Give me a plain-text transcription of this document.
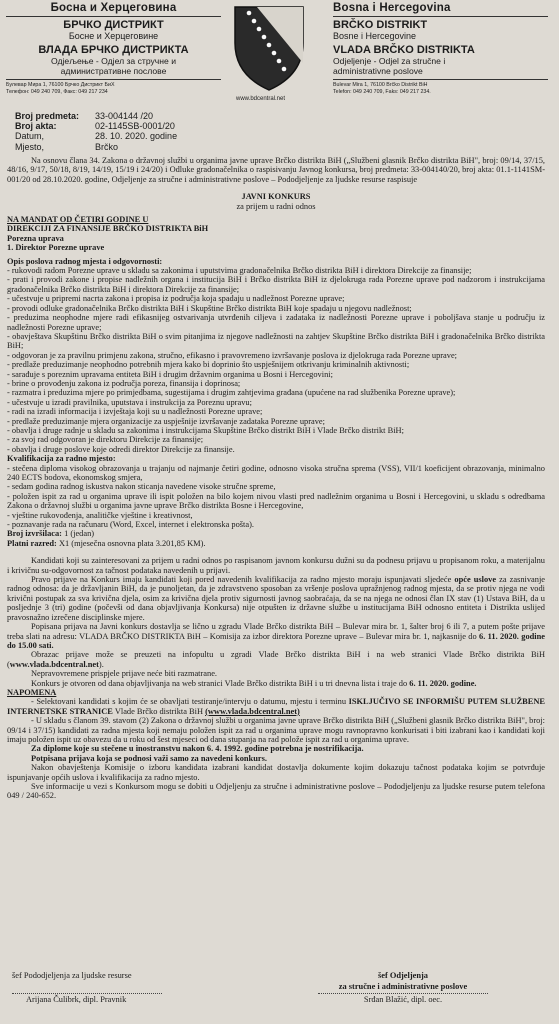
Босна и Херцеговина
БРЧКО ДИСТРИКТ
Босне и Херцеговине
ВЛАДА БРЧКО ДИСТРИКТА
Одјељење - Одјел за стручне и
административне послове
Булевар Мира 1, 76100 Брчко Дистрикт БиХ
Телефон: 049 240 709, Факс: 049 217 234
www.bdcentral.net
Bosna i Hercegovina
BRČKO DISTRIKT
Bosne i Hercegovine
VLADA BRČKO DISTRIKTA
Odjeljenje - Odjel za stručne i
administrativne poslove
Bulevar Mira 1, 76100 Brčko Distrikt BiH
Telefon: 049 240 709, Faks: 049 217 234.
Broj predmeta:	33-004144 /20
Broj akta:	02-1145SB-0001/20
Datum,	28. 10. 2020. godine
Mjesto,	Brčko

Na osnovu člana 34. Zakona o državnoj službi u organima javne uprave Brčko distrikta BiH („Službeni glasnik Brčko distrikta BiH", broj: 09/14, 37/15, 48/16, 9/17, 50/18, 8/19, 14/19, 15/19 i 24/20) i Odluke gradonačelnika o raspisivanju Javnog konkursa, broj predmeta: 33-004140/20, broj akta: 01.1-1141SM-001/20 od 28.10.2020. godine, Odjeljenje za stručne i administrativne poslove – Pododjeljenje za ljudske resurse raspisuje

JAVNI KONKURS

za prijem u radni odnos

NA MANDAT OD ČETIRI GODINE U

DIREKCIJI ZA FINANSIJE BRČKO DISTRIKTA BiH

Porezna uprava

1. Direktor Porezne uprave

Opis poslova radnog mjesta i odgovornosti:

- rukovodi radom Porezne uprave u skladu sa zakonima i uputstvima gradonačelnika Brčko distrikta BiH i direktora Direkcije za finansije;

- prati i provodi zakone i propise nadležnih organa i institucija BiH i Brčko distrikta BiH iz djelokruga rada Porezne uprave pod nadzorom i instrukcijama gradonačelnika Brčko distrikta BiH i direktora Direkcije za finansije;

- učestvuje u pripremi nacrta zakona i propisa iz područja koja spadaju u nadležnost Porezne uprave;

- provodi odluke gradonačelnika Brčko distrikta BiH i Skupštine Brčko distrikta BiH koje spadaju u njegovu nadležnost;

- preduzima neophodne mjere radi efikasnijeg ostvarivanja utvrđenih ciljeva i zadataka iz nadležnosti Porezne uprave i poboljšava stanje u području iz nadležnosti Porezne uprave;

- obavještava Skupštinu Brčko distrikta BiH o svim pitanjima iz njegove nadležnosti na zahtjev Skupštine Brčko distrikta BiH i gradonačelnika Brčko distrikta BiH;

- odgovoran je za pravilnu primjenu zakona, stručno, efikasno i pravovremeno izvršavanje poslova iz djelokruga rada Porezne uprave;

- predlaže preduzimanje neophodno potrebnih mjera kako bi doprinio što uspješnijem otkrivanju kriminalnih aktivnosti;

- sarađuje s poreznim upravama entiteta BiH i drugim državnim organima u Bosni i Hercegovini;

- brine o provođenju zakona iz područja poreza, finansija i doprinosa;

- razmatra i preduzima mjere po primjedbama, sugestijama i drugim zahtjevima građana (upućene na rad službenika Porezne uprave);

- učestvuje u izradi pravilnika, uputstava i instrukcija za Poreznu upravu;

- radi na izradi informacija i izvještaja koji su u nadležnosti Porezne uprave;

- predlaže preduzimanje mjera organizacije za uspješnije izvršavanje zadataka Porezne uprave;

- obavlja i druge radnje u skladu sa zakonima i instrukcijama Skupštine Brčko distrikt BiH i Vlade Brčko distrikt BiH;

- za svoj rad odgovoran je direktoru Direkcije za finansije;

- obavlja i druge poslove koje odredi direktor Direkcije za finansije.

Kvalifikacija za radno mjesto:

- stečena diploma visokog obrazovanja u trajanju od najmanje četiri godine, odnosno visoka stručna sprema (VSS), VII/1 koeficijent obrazovanja, minimalno 240 ECTS bodova, ekonomskog smjera,

- sedam godina radnog iskustva nakon sticanja navedene visoke stručne spreme,

- položen ispit za rad u organima uprave ili ispit položen na bilo kojem nivou vlasti pred nadležnim organima u Bosni i Hercegovini, u skladu s odredbama Zakona o državnoj službi u organima javne uprave Brčko distrikta Bosne i Hercegovine,

- vještine rukovođenja, analitičke vještine i kreativnost,

- poznavanje rada na računaru (Word, Excel, internet i elektronska pošta).

Broj izvršilaca: 1 (jedan)

Platni razred: X1 (mjesečna osnovna plata 3.201,85 KM).

Kandidati koji su zainteresovani za prijem u radni odnos po raspisanom javnom konkursu dužni su da podnesu prijavu u propisanom roku, a materijalnu i krivičnu su-odgovornost za tačnost podataka navedenih u prijavi.

Pravo prijave na Konkurs imaju kandidati koji pored navedenih kvalifikacija za radno mjesto moraju ispunjavati sljedeće opće uslove za zasnivanje radnog odnosa: da je državljanin BiH, da je punoljetan, da je zdravstveno sposoban za vršenje poslova upražnjenog radnog mjesta, da se protiv njega ne vodi krivični postupak za sva krivična djela, osim za krivična djela protiv sigurnosti javnog saobraćaja, da se na njega ne odnosi član IX stav (1) Ustava BiH, da u posljednje 3 (tri) godine (počevši od dana objavljivanja Konkursa) nije otpušten iz državne službe u institucijama BiH odnosno entiteta i Distrikta uslijed pravosnažno izrečene disciplinske mjere.

Popisana prijava na Javni konkurs dostavlja se lično u zgradu Vlade Brčko distrikta BiH – Bulevar mira br. 1, šalter broj 6 ili 7, a putem pošte prijave trebа slati na adresu: VLADA BRČKO DISTRIKTA BiH – Komisija za izbor direktora Porezne uprave – Bulevar mira br. 1, najkasnije do 6. 11. 2020. godine do 15.00 sati.

Obrazac prijave može se preuzeti na infopultu u zgradi Vlade Brčko distrikta BiH i na web stranici Vlade Brčko distrikta BiH (www.vlada.bdcentral.net).

Nepravovremene prispjele prijave neće biti razmatrane.

Konkurs je otvoren od dana objavljivanja na web stranici Vlade Brčko distrikta BiH i u tri dnevna lista i traje do 6. 11. 2020. godine.

NAPOMENA

- Selektovani kandidati s kojim će se obavljati testiranje/intervju o datumu, mjestu i terminu ISKLJUČIVO SE INFORMIŠU PUTEM SLUŽBENE INTERNETSKE STRANICE Vlade Brčko distrikta BiH (www.vlada.bdcentral.net)

- U skladu s članom 39. stavom (2) Zakona o državnoj službi u organima javne uprave Brčko distrikta BiH („Službeni glasnik Brčko distrikta BiH", broj: 09/14 i 37/15) kandidati za radna mjesta koji nemaju položen ispit za rad u organima uprave mogu ravnopravno konkurisati i biti izabrani kao i kandidati koji imaju položen ispit uz obavezu da u roku od šest mjeseci od dana stupanja na rad polože ispit za rad u organima uprave.

Za diplome koje su stečene u inostranstvu nakon 6. 4. 1992. godine potrebna je nostrifikacija.

Potpisana prijava koja se podnosi važi samo za navedeni konkurs.

Nakon obavještenja Komisije o izboru kandidata izabrani kandidat dostavlja dokumente kojim dokazuju tačnost podataka kojim se potvrđuje ispunjavanje općih uslova i kvalifikacija za radno mjesto.

Sve informacije u vezi s Konkursom mogu se dobiti u Odjeljenju za stručne i administrativne poslove – Pododjeljenju za ljudske resurse putem telefona 049 / 240-652.

šef Pododjeljenja za ljudske resurse
Arijana Čulibrk, dipl. Pravnik
šef Odjeljenja
za stručne i administrativne poslove
Srđan Blažić, dipl. oec.
